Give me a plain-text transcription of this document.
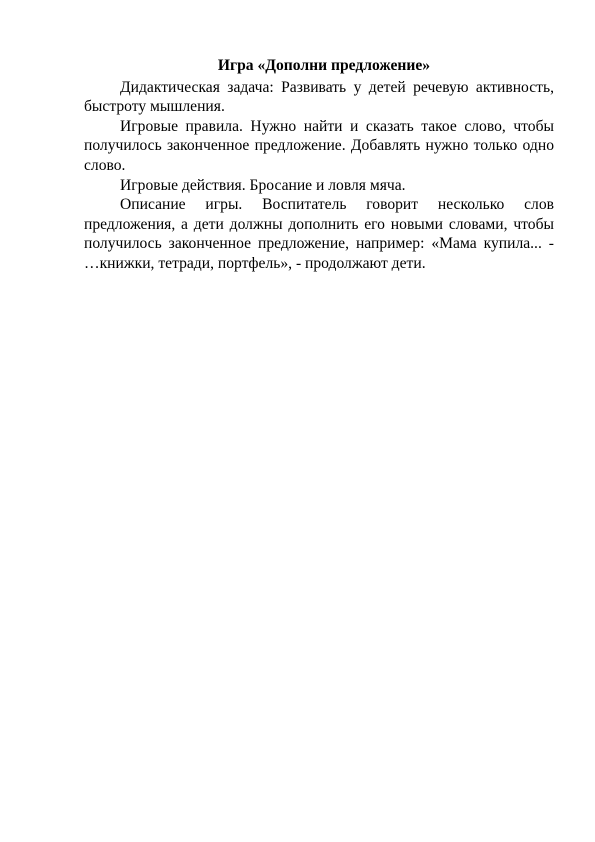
Игра «Дополни предложение»

Дидактическая задача: Развивать у детей речевую активность, быстроту мышления.

Игровые правила. Нужно найти и сказать такое слово, чтобы получилось законченное предложение. Добавлять нужно только одно слово.

Игровые действия. Бросание и ловля мяча.

Описание игры. Воспитатель говорит несколько слов предложения, а дети должны дополнить его новыми словами, чтобы получилось законченное предложение, например: «Мама купила... - …книжки, тетради, портфель», - продолжают дети.
